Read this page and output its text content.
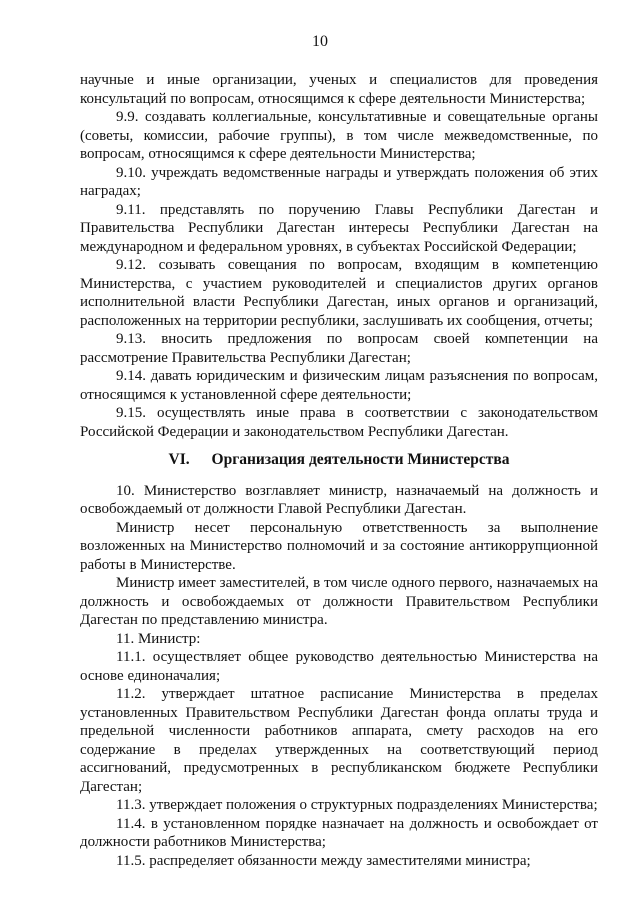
10

научные и иные организации, ученых и специалистов для проведения консультаций по вопросам, относящимся к сфере деятельности Министерства;

9.9. создавать коллегиальные, консультативные и совещательные органы (советы, комиссии, рабочие группы), в том числе межведомственные, по вопросам, относящимся к сфере деятельности Министерства;

9.10. учреждать ведомственные награды и утверждать положения об этих наградах;

9.11. представлять по поручению Главы Республики Дагестан и Правительства Республики Дагестан интересы Республики Дагестан на международном и федеральном уровнях, в субъектах Российской Федерации;

9.12. созывать совещания по вопросам, входящим в компетенцию Министерства, с участием руководителей и специалистов других органов исполнительной власти Республики Дагестан, иных органов и организаций, расположенных на территории республики, заслушивать их сообщения, отчеты;

9.13. вносить предложения по вопросам своей компетенции на рассмотрение Правительства Республики Дагестан;

9.14. давать юридическим и физическим лицам разъяснения по вопросам, относящимся к установленной сфере деятельности;

9.15. осуществлять иные права в соответствии с законодательством Российской Федерации и законодательством Республики Дагестан.

VI. Организация деятельности Министерства

10. Министерство возглавляет министр, назначаемый на должность и освобождаемый от должности Главой Республики Дагестан.

Министр несет персональную ответственность за выполнение возложенных на Министерство полномочий и за состояние антикоррупционной работы в Министерстве.

Министр имеет заместителей, в том числе одного первого, назначаемых на должность и освобождаемых от должности Правительством Республики Дагестан по представлению министра.

11. Министр:

11.1. осуществляет общее руководство деятельностью Министерства на основе единоначалия;

11.2. утверждает штатное расписание Министерства в пределах установленных Правительством Республики Дагестан фонда оплаты труда и предельной численности работников аппарата, смету расходов на его содержание в пределах утвержденных на соответствующий период ассигнований, предусмотренных в республиканском бюджете Республики Дагестан;

11.3. утверждает положения о структурных подразделениях Министерства;

11.4. в установленном порядке назначает на должность и освобождает от должности работников Министерства;

11.5. распределяет обязанности между заместителями министра;
